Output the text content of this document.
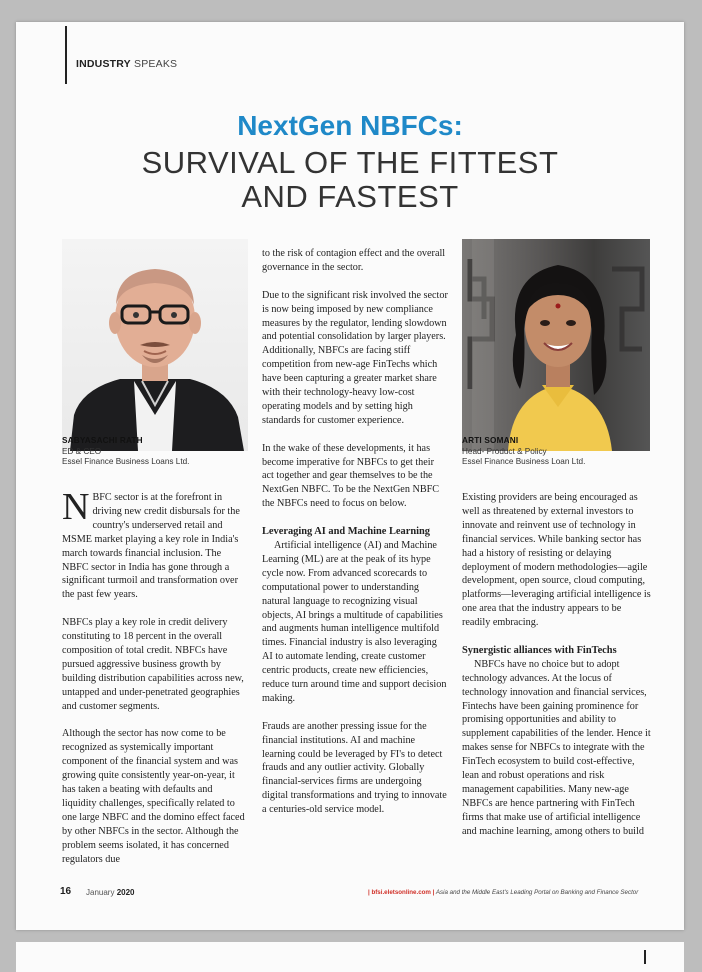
INDUSTRY SPEAKS
NextGen NBFCs:
SURVIVAL OF THE FITTEST
AND FASTEST
SABYASACHI RATH
ED & CEO
Essel Finance Business Loans Ltd.
ARTI SOMANI
Head- Product & Policy
Essel Finance Business Loan Ltd.

NBFC sector is at the forefront in driving new credit disbursals for the country's underserved retail and MSME market playing a key role in India's march towards financial inclusion. The NBFC sector in India has gone through a significant turmoil and transformation over the past few years.

NBFCs play a key role in credit delivery constituting to 18 percent in the overall composition of total credit. NBFCs have pursued aggressive business growth by building distribution capabilities across new, untapped and under-penetrated geographies and customer segments.

Although the sector has now come to be recognized as systemically important component of the financial system and was growing quite consistently year-on-year, it has taken a beating with defaults and liquidity challenges, specifically related to one large NBFC and the domino effect faced by other NBFCs in the sector. Although the problem seems isolated, it has concerned regulators due

to the risk of contagion effect and the overall governance in the sector.

Due to the significant risk involved the sector is now being imposed by new compliance measures by the regulator, lending slowdown and potential consolidation by larger players. Additionally, NBFCs are facing stiff competition from new-age FinTechs which have been capturing a greater market share with their technology-heavy low-cost operating models and by setting high standards for customer experience.

In the wake of these developments, it has become imperative for NBFCs to get their act together and gear themselves to be the NextGen NBFC. To be the NextGen NBFC the NBFCs need to focus on below.

Leveraging AI and Machine Learning

Artificial intelligence (AI) and Machine Learning (ML) are at the peak of its hype cycle now. From advanced scorecards to computational power to understanding natural language to recognizing visual objects, AI brings a multitude of capabilities and augments human intelligence multifold times. Financial industry is also leveraging AI to automate lending, create customer centric products, create new efficiencies, reduce turn around time and support decision making.

Frauds are another pressing issue for the financial institutions. AI and machine learning could be leveraged by FI's to detect frauds and any outlier activity. Globally financial-services firms are undergoing digital transformations and trying to innovate a centuries-old service model.

Existing providers are being encouraged as well as threatened by external investors to innovate and reinvent use of technology in financial services. While banking sector has had a history of resisting or delaying deployment of modern methodologies—agile development, open source, cloud computing, platforms—leveraging artificial intelligence is one area that the industry appears to be readily embracing.

Synergistic alliances with FinTechs

NBFCs have no choice but to adopt technology advances. At the locus of technology innovation and financial services, Fintechs have been gaining prominence for promising opportunities and ability to supplement capabilities of the lender. Hence it makes sense for NBFCs to integrate with the FinTech ecosystem to build cost-effective, lean and robust operations and risk management capabilities. Many new-age NBFCs are hence partnering with FinTech firms that make use of artificial intelligence and machine learning, among others to build

16 January 2020	| bfsi.eletsonline.com | Asia and the Middle East's Leading Portal on Banking and Finance Sector
